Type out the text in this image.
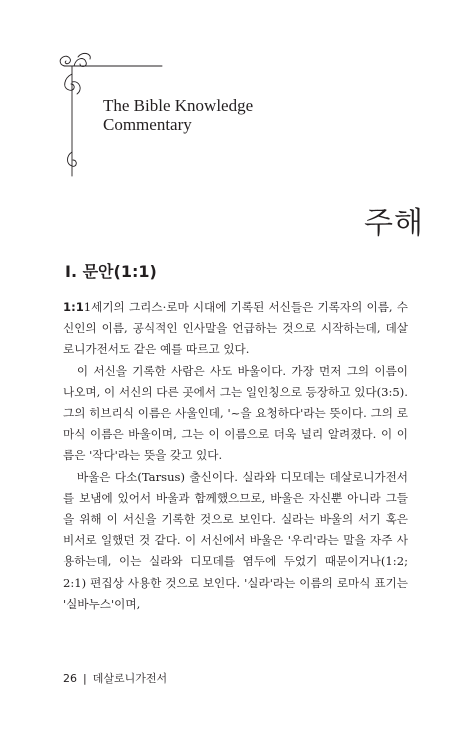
The Bible Knowledge
Commentary
주해
Ⅰ. 문안(1:1)

1:11세기의 그리스·로마 시대에 기록된 서신들은 기록자의 이름, 수신인의 이름, 공식적인 인사말을 언급하는 것으로 시작하는데, 데살로니가전서도 같은 예를 따르고 있다.

이 서신을 기록한 사람은 사도 바울이다. 가장 먼저 그의 이름이 나오며, 이 서신의 다른 곳에서 그는 일인칭으로 등장하고 있다(3:5). 그의 히브리식 이름은 사울인데, '~을 요청하다'라는 뜻이다. 그의 로마식 이름은 바울이며, 그는 이 이름으로 더욱 널리 알려졌다. 이 이름은 '작다'라는 뜻을 갖고 있다.

바울은 다소(Tarsus) 출신이다. 실라와 디모데는 데살로니가전서를 보냄에 있어서 바울과 함께했으므로, 바울은 자신뿐 아니라 그들을 위해 이 서신을 기록한 것으로 보인다. 실라는 바울의 서기 혹은 비서로 일했던 것 같다. 이 서신에서 바울은 '우리'라는 말을 자주 사용하는데, 이는 실라와 디모데를 염두에 두었기 때문이거나(1:2; 2:1) 편집상 사용한 것으로 보인다. '실라'라는 이름의 로마식 표기는 '실바누스'이며,

26 | 데살로니가전서
